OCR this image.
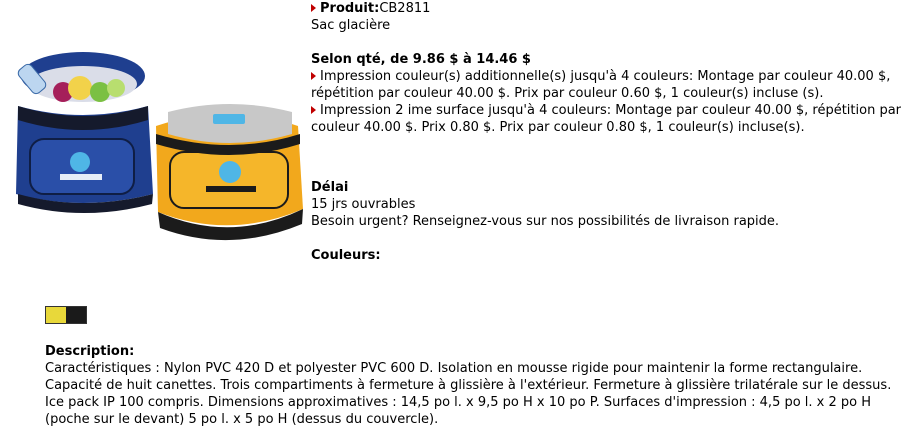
Produit:CB2811
Sac glacière
Selon qté, de 9.86 $ à 14.46 $
Impression couleur(s) additionnelle(s) jusqu'à 4 couleurs: Montage par couleur 40.00 $, répétition par couleur 40.00 $. Prix par couleur 0.60 $, 1 couleur(s) incluse (s).
Impression 2 ime surface jusqu'à 4 couleurs: Montage par couleur 40.00 $, répétition par couleur 40.00 $. Prix 0.80 $. Prix par couleur 0.80 $, 1 couleur(s) incluse(s).
Délai
15 jrs ouvrables
Besoin urgent? Renseignez-vous sur nos possibilités de livraison rapide.
Couleurs:
Description:
Caractéristiques : Nylon PVC 420 D et polyester PVC 600 D. Isolation en mousse rigide pour maintenir la forme rectangulaire. Capacité de huit canettes. Trois compartiments à fermeture à glissière à l'extérieur. Fermeture à glissière trilatérale sur le dessus. Ice pack IP 100 compris. Dimensions approximatives : 14,5 po l. x 9,5 po H x 10 po P. Surfaces d'impression : 4,5 po l. x 2 po H (poche sur le devant) 5 po l. x 5 po H (dessus du couvercle).
